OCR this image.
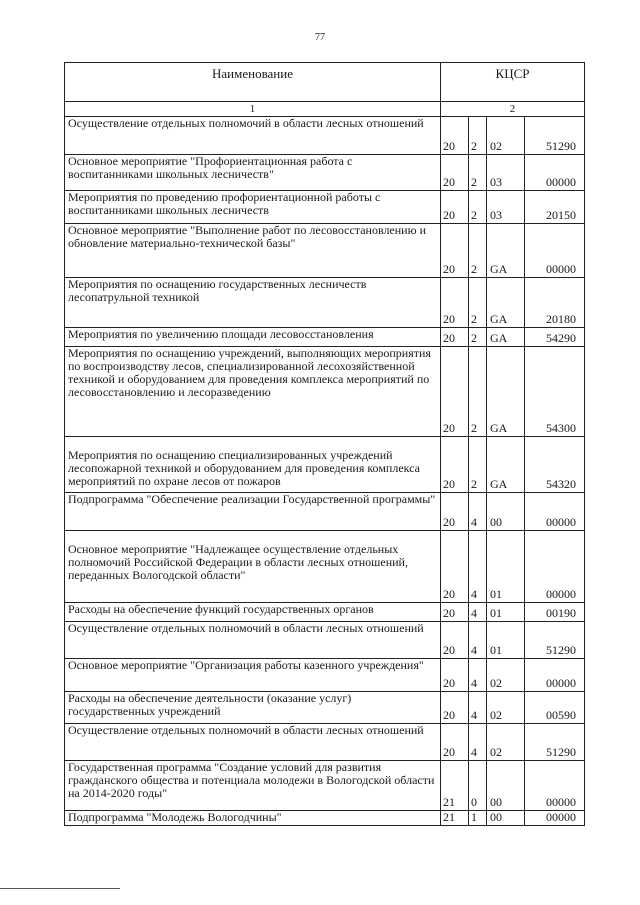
77
Наименование	КЦСР			
1	2			
Осуществление отдельных полномочий в области лесных отношений	20	2	02	51290
Основное мероприятие "Профориентационная работа с воспитанниками школьных лесничеств"	20	2	03	00000
Мероприятия по проведению профориентационной работы с воспитанниками школьных лесничеств	20	2	03	20150
Основное мероприятие "Выполнение работ по лесовосстановлению и обновление материально-технической базы"	20	2	GA	00000
Мероприятия по оснащению государственных лесничеств лесопатрульной техникой	20	2	GA	20180
Мероприятия по увеличению площади лесовосстановления	20	2	GA	54290
Мероприятия по оснащению учреждений, выполняющих мероприятия по воспроизводству лесов, специализированной лесохозяйственной техникой и оборудованием для проведения комплекса мероприятий по лесовосстановлению и лесоразведению	20	2	GA	54300
Мероприятия по оснащению специализированных учреждений лесопожарной техникой и оборудованием для проведения комплекса мероприятий по охране лесов от пожаров	20	2	GA	54320
Подпрограмма "Обеспечение реализации Государственной программы"	20	4	00	00000
Основное мероприятие "Надлежащее осуществление отдельных полномочий Российской Федерации в области лесных отношений, переданных Вологодской области"	20	4	01	00000
Расходы на обеспечение функций государственных органов	20	4	01	00190
Осуществление отдельных полномочий в области лесных отношений	20	4	01	51290
Основное мероприятие "Организация работы казенного учреждения"	20	4	02	00000
Расходы на обеспечение деятельности (оказание услуг) государственных учреждений	20	4	02	00590
Осуществление отдельных полномочий в области лесных отношений	20	4	02	51290
Государственная программа "Создание условий для развития гражданского общества и потенциала молодежи в Вологодской области на 2014-2020 годы"	21	0	00	00000
Подпрограмма "Молодежь Вологодчины"	21	1	00	00000
